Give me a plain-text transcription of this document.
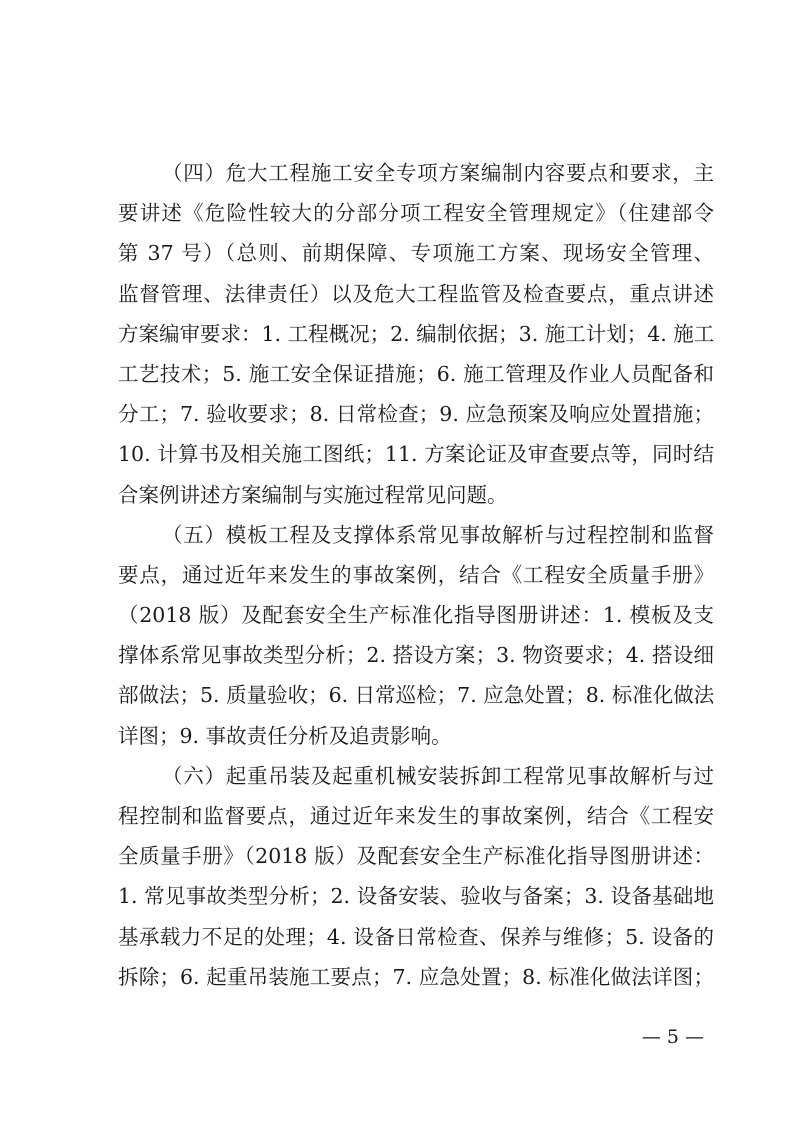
（四）危大工程施工安全专项方案编制内容要点和要求，主
要讲述《危险性较大的分部分项工程安全管理规定》（住建部令
第 37 号）（总则、前期保障、专项施工方案、现场安全管理、
监督管理、法律责任）以及危大工程监管及检查要点，重点讲述
方案编审要求：1. 工程概况；2. 编制依据；3. 施工计划；4. 施工
工艺技术；5. 施工安全保证措施；6. 施工管理及作业人员配备和
分工；7. 验收要求；8. 日常检查；9. 应急预案及响应处置措施；
10. 计算书及相关施工图纸；11. 方案论证及审查要点等，同时结
合案例讲述方案编制与实施过程常见问题。
（五）模板工程及支撑体系常见事故解析与过程控制和监督
要点，通过近年来发生的事故案例，结合《工程安全质量手册》
（2018 版）及配套安全生产标准化指导图册讲述：1. 模板及支
撑体系常见事故类型分析；2. 搭设方案；3. 物资要求；4. 搭设细
部做法；5. 质量验收；6. 日常巡检；7. 应急处置；8. 标准化做法
详图；9. 事故责任分析及追责影响。
（六）起重吊装及起重机械安装拆卸工程常见事故解析与过
程控制和监督要点，通过近年来发生的事故案例，结合《工程安
全质量手册》（2018 版）及配套安全生产标准化指导图册讲述：
1. 常见事故类型分析；2. 设备安装、验收与备案；3. 设备基础地
基承载力不足的处理；4. 设备日常检查、保养与维修；5. 设备的
拆除；6. 起重吊装施工要点；7. 应急处置；8. 标准化做法详图；
— 5 —
